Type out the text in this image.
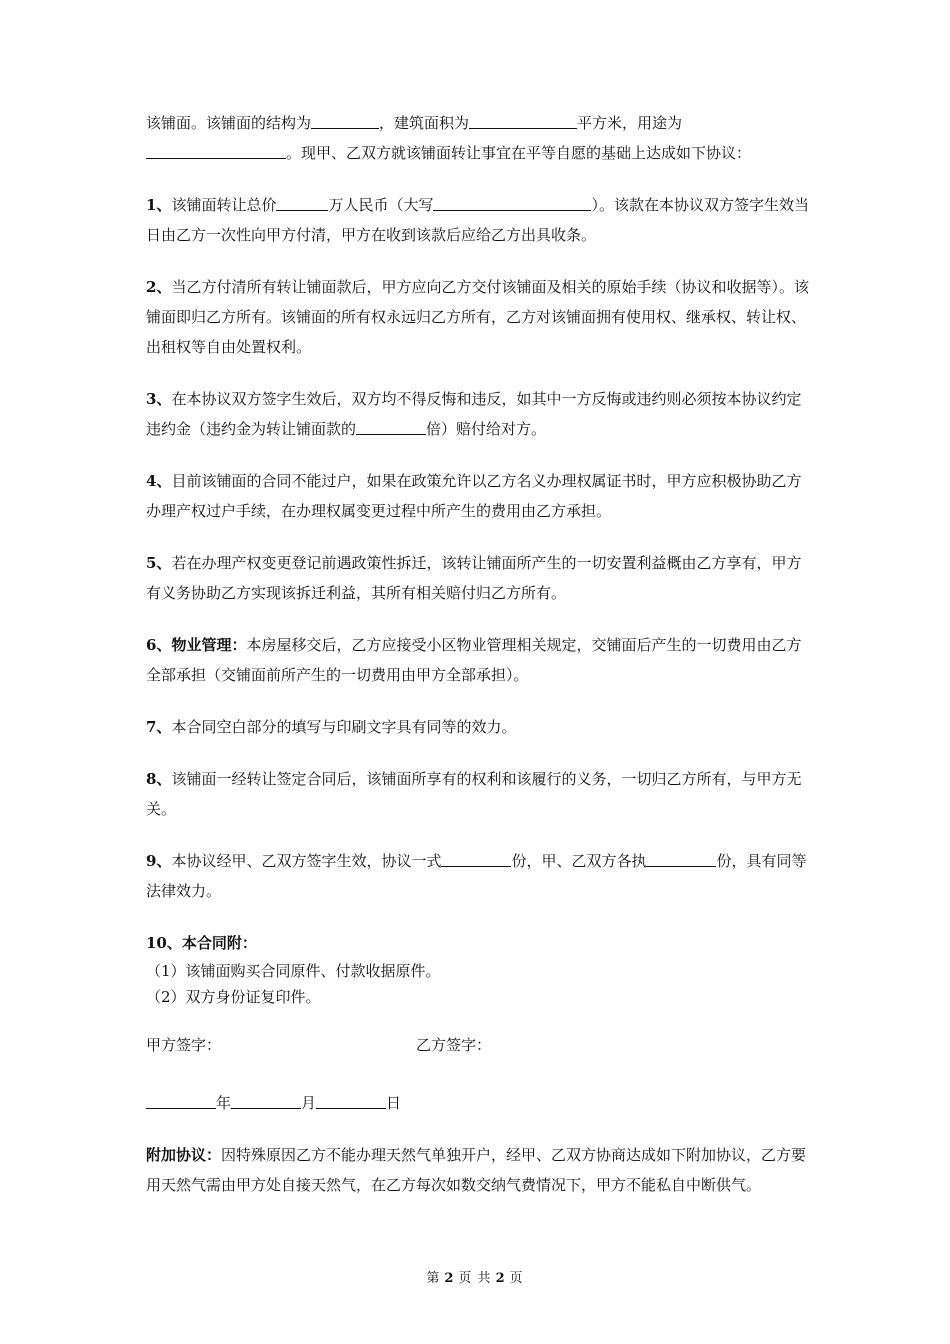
该铺面。该铺面的结构为	，建筑面积为	平方米，用途为

。现甲、乙双方就该铺面转让事宜在平等自愿的基础上达成如下协议：

1、该铺面转让总价	万人民币（大写	）。该款在本协议双方签字生效当日由乙方一次性向甲方付清，甲方在收到该款后应给乙方出具收条。

2、当乙方付清所有转让铺面款后，甲方应向乙方交付该铺面及相关的原始手续（协议和收据等）。该铺面即归乙方所有。该铺面的所有权永远归乙方所有，乙方对该铺面拥有使用权、继承权、转让权、出租权等自由处置权利。

3、在本协议双方签字生效后，双方均不得反悔和违反，如其中一方反悔或违约则必须按本协议约定违约金（违约金为转让铺面款的	倍）赔付给对方。

4、目前该铺面的合同不能过户，如果在政策允许以乙方名义办理权属证书时，甲方应积极协助乙方办理产权过户手续，在办理权属变更过程中所产生的费用由乙方承担。

5、若在办理产权变更登记前遇政策性拆迁，该转让铺面所产生的一切安置利益概由乙方享有，甲方有义务协助乙方实现该拆迁利益，其所有相关赔付归乙方所有。

6、物业管理：本房屋移交后，乙方应接受小区物业管理相关规定，交铺面后产生的一切费用由乙方全部承担（交铺面前所产生的一切费用由甲方全部承担）。

7、本合同空白部分的填写与印刷文字具有同等的效力。

8、该铺面一经转让签定合同后，该铺面所享有的权利和该履行的义务，一切归乙方所有，与甲方无关。

9、本协议经甲、乙双方签字生效，协议一式	份，甲、乙双方各执	份，具有同等法律效力。

10、本合同附：

（1）该铺面购买合同原件、付款收据原件。

（2）双方身份证复印件。

甲方签字：	乙方签字：

年	月	日

附加协议：因特殊原因乙方不能办理天然气单独开户，经甲、乙双方协商达成如下附加协议，乙方要用天然气需由甲方处自接天然气，在乙方每次如数交纳气费情况下，甲方不能私自中断供气。

第 2 页 共 2 页
